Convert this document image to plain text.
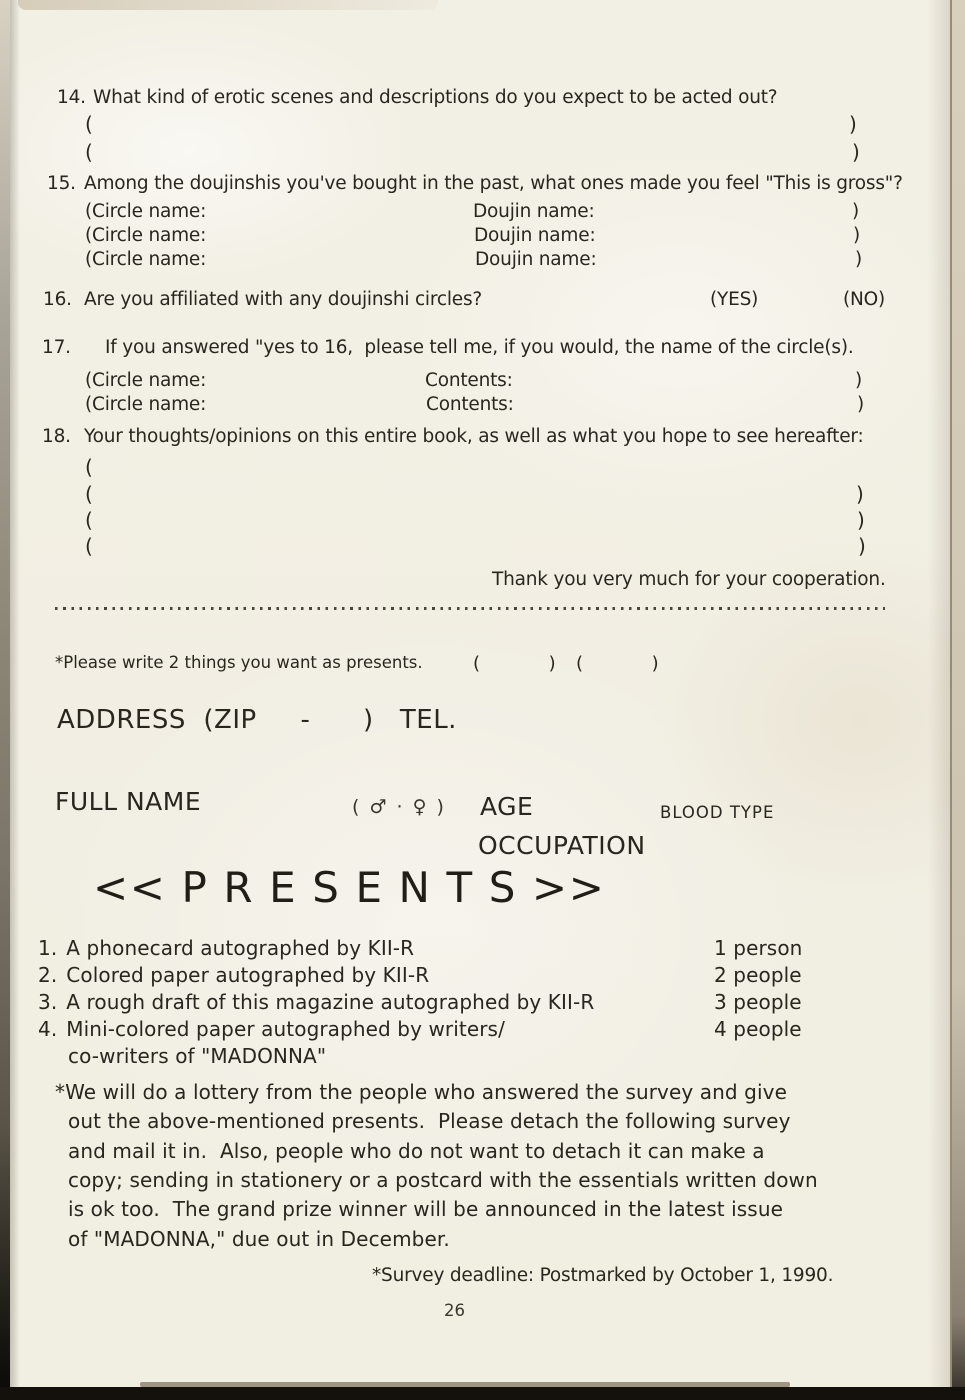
14. What kind of erotic scenes and descriptions do you expect to be acted out?

(

	)

(

	)

15. Among the doujinshis you've bought in the past, what ones made you feel "This is gross"?

(Circle name:

	Doujin name:

	)

(Circle name:

	Doujin name:

	)

(Circle name:

	Doujin name:

	)

16. Are you affiliated with any doujinshi circles?	(YES)	(NO)
17. If you answered "yes to 16,  please tell me, if you would, the name of the circle(s).

(Circle name:

	Contents:

	)

(Circle name:

	Contents:

	)

18. Your thoughts/opinions on this entire book, as well as what you hope to see hereafter:

(

(

	)

(

	)

(

	)

Thank you very much for your cooperation.
*Please write 2 things you want as presents.	(            ) (            )
ADDRESS  (ZIP     -      )   TEL.
FULL NAME	( ♂ · ♀ ) AGE	BLOOD TYPE
OCCUPATION
<< P R E S E N T S >>
1. A phonecard autographed by KII-R	1 person
2. Colored paper autographed by KII-R	2 people
3. A rough draft of this magazine autographed by KII-R	3 people
4. Mini-colored paper autographed by writers/	4 people
co-writers of "MADONNA"
*We will do a lottery from the people who answered the survey and give
out the above-mentioned presents.  Please detach the following survey
and mail it in.  Also, people who do not want to detach it can make a
copy; sending in stationery or a postcard with the essentials written down
is ok too.  The grand prize winner will be announced in the latest issue
of "MADONNA," due out in December.
*Survey deadline: Postmarked by October 1, 1990.
26
